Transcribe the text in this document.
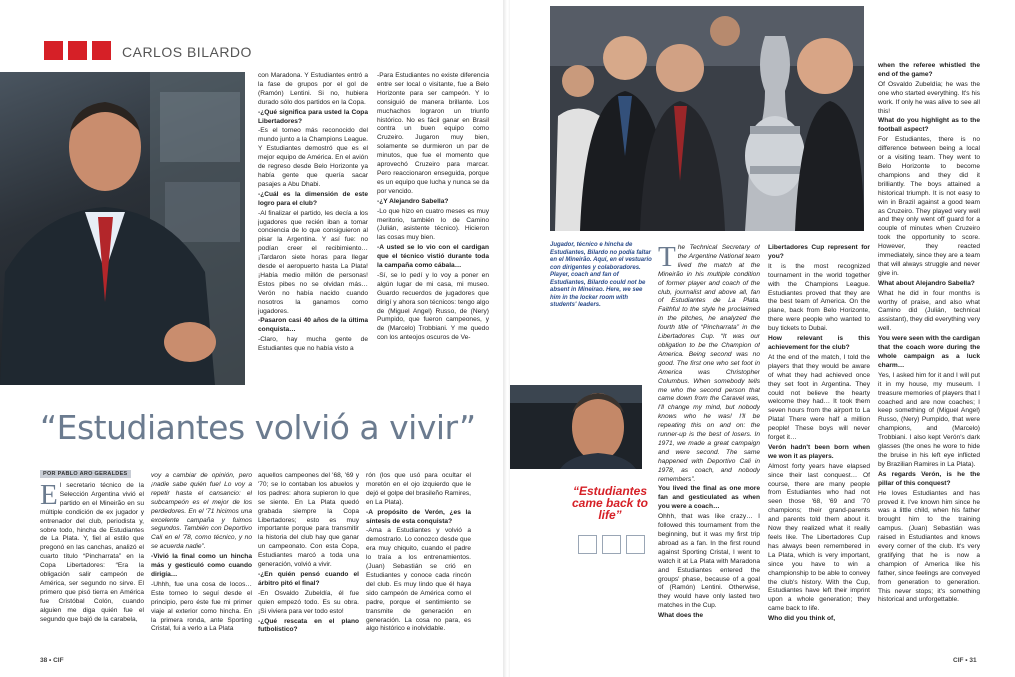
CARLOS BILARDO

con Maradona. Y Estudiantes entró a la fase de grupos por el gol de (Ramón) Lentini. Si no, hubiera durado sólo dos partidos en la Copa.

-¿Qué significa para usted la Copa Libertadores?

-Es el torneo más reconocido del mundo junto a la Champions League. Y Estudiantes demostró que es el mejor equipo de América. En el avión de regreso desde Belo Horizonte ya había gente que quería sacar pasajes a Abu Dhabi.

-¿Cuál es la dimensión de este logro para el club?

-Al finalizar el partido, les decía a los jugadores que recién iban a tomar conciencia de lo que consiguieron al pisar la Argentina. Y así fue: no podían creer el recibimiento… ¡Tardaron siete horas para llegar desde el aeropuerto hasta La Plata! ¡Había medio millón de personas! Estos pibes no se olvidan más… Verón no había nacido cuando nosotros la ganamos como jugadores.

-Pasaron casi 40 años de la última conquista…

-Claro, hay mucha gente de Estudiantes que no había visto a

-Para Estudiantes no existe diferencia entre ser local o visitante, fue a Belo Horizonte para ser campeón. Y lo consiguió de manera brillante. Los muchachos lograron un triunfo histórico. No es fácil ganar en Brasil contra un buen equipo como Cruzeiro. Jugaron muy bien, solamente se durmieron un par de minutos, que fue el momento que aprovechó Cruzeiro para marcar. Pero reaccionaron enseguida, porque es un equipo que lucha y nunca se da por vencido.

-¿Y Alejandro Sabella?

-Lo que hizo en cuatro meses es muy meritorio, también lo de Camino (Julián, asistente técnico). Hicieron las cosas muy bien.

-A usted se lo vio con el cardigan que el técnico vistió durante toda la campaña como cábala…

-Sí, se lo pedí y lo voy a poner en algún lugar de mi casa, mi museo. Guardo recuerdos de jugadores que dirigí y ahora son técnicos: tengo algo de (Miguel Angel) Russo, de (Nery) Pumpido, que fueron campeones, y de (Marcelo) Trobbiani. Y me quedo con los anteojos oscuros de Ve-

“Estudiantes volvió a vivir”
POR PABLO ARO GERALDES

El secretario técnico de la Selección Argentina vivió el partido en el Mineirão en su múltiple condición de ex jugador y entrenador del club, periodista y, sobre todo, hincha de Estudiantes de La Plata. Y, fiel al estilo que pregonó en las canchas, analizó el cuarto título “Pincharrata” en la Copa Libertadores: “Era la obligación salir campeón de América, ser segundo no sirve. El primero que pisó tierra en América fue Cristóbal Colón, cuando alguien me diga quién fue el segundo que bajó de la carabela,

voy a cambiar de opinión, pero ¡nadie sabe quién fue! Lo voy a repetir hasta el cansancio: el subcampeón es el mejor de los perdedores. En el '71 hicimos una excelente campaña y fuimos segundos. También con Deportivo Cali en el '78, como técnico, y no se acuerda nadie”.

-Vivió la final como un hincha más y gesticuló como cuando dirigía…

-Uhhh, fue una cosa de locos… Este torneo lo seguí desde el principio, pero éste fue mi primer viaje al exterior como hincha. En la primera ronda, ante Sporting Cristal, fui a verlo a La Plata

aquellos campeones del '68, '69 y '70; se lo contaban los abuelos y los padres: ahora supieron lo que se siente. En La Plata quedó grabada siempre la Copa Libertadores; esto es muy importante porque para transmitir la historia del club hay que ganar un campeonato. Con esta Copa, Estudiantes marcó a toda una generación, volvió a vivir.

-¿En quién pensó cuando el árbitro pitó el final?

-En Osvaldo Zubeldía, él fue quien empezó todo. Es su obra. ¡Si viviera para ver todo esto!

-¿Qué rescata en el plano futbolístico?

rón (los que usó para ocultar el moretón en el ojo izquierdo que le dejó el golpe del brasileño Ramires, en La Plata).

-A propósito de Verón, ¿es la síntesis de esta conquista?

-Ama a Estudiantes y volvió a demostrarlo. Lo conozco desde que era muy chiquito, cuando el padre lo traía a los entrenamientos. (Juan) Sebastián se crió en Estudiantes y conoce cada rincón del club. Es muy lindo que él haya sido campeón de América como el padre, porque el sentimiento se transmite de generación en generación. La cosa no para, es algo histórico e inolvidable.

38 • CIF
Jugador, técnico e hincha de Estudiantes, Bilardo no podía faltar en el Mineirão. Aquí, en el vestuario con dirigentes y colaboradores. Player, coach and fan of Estudiantes, Bilardo could not be absent in Mineirao. Here, we see him in the locker room with students' leaders.
“Estudiantes came back to life”

The Technical Secretary of the Argentine National team lived the match at the Mineirão in his multiple condition of former player and coach of the club, journalist and above all, fan of Estudiantes de La Plata. Faithful to the style he proclaimed in the pitches, he analyzed the fourth title of “Pincharrata” in the Libertadores Cup. “It was our obligation to be the Champion of America. Being second was no good. The first one who set foot in America was Christopher Columbus. When somebody tells me who the second person that came down from the Caravel was, I'll change my mind, but nobody knows who he was! I'll be repeating this on and on: the runner-up is the best of losers. In 1971, we made a great campaign and were second. The same happened with Deportivo Cali in 1978, as coach, and nobody remembers”.

You lived the final as one more fan and gesticulated as when you were a coach…

Ohhh, that was like crazy… I followed this tournament from the beginning, but it was my first trip abroad as a fan. In the first round against Sporting Cristal, I went to watch it at La Plata with Maradona and Estudiantes entered the groups' phase, because of a goal of (Ramón) Lentini. Otherwise, they would have only lasted two matches in the Cup.

What does the

Libertadores Cup represent for you?

It is the most recognized tournament in the world together with the Champions League. Estudiantes proved that they are the best team of America. On the plane, back from Belo Horizonte, there were people who wanted to buy tickets to Dubai.

How relevant is this achievement for the club?

At the end of the match, I told the players that they would be aware of what they had achieved once they set foot in Argentina. They could not believe the hearty welcome they had… It took them seven hours from the airport to La Plata! There were half a million people! These boys will never forget it…

Verón hadn't been born when we won it as players.

Almost forty years have elapsed since their last conquest… Of course, there are many people from Estudiantes who had not seen those '68, '69 and '70 champions; their grand-parents and parents told them about it. Now they realized what it really feels like. The Libertadores Cup has always been remembered in La Plata, which is very important, since you have to win a championship to be able to convey the club's history. With the Cup, Estudiantes have left their imprint upon a whole generation; they came back to life.

Who did you think of,

when the referee whistled the end of the game?

Of Osvaldo Zubeldía; he was the one who started everything. It's his work. If only he was alive to see all this!

What do you highlight as to the football aspect?

For Estudiantes, there is no difference between being a local or a visiting team. They went to Belo Horizonte to become champions and they did it brilliantly. The boys attained a historical triumph. It is not easy to win in Brazil against a good team as Cruzeiro. They played very well and they only went off guard for a couple of minutes when Cruzeiro took the opportunity to score. However, they reacted immediately, since they are a team that will always struggle and never give in.

What about Alejandro Sabella?

What he did in four months is worthy of praise, and also what Camino did (Julián, technical assistant), they did everything very well.

You were seen with the cardigan that the coach wore during the whole campaign as a luck charm…

Yes, I asked him for it and I will put it in my house, my museum. I treasure memories of players that I coached and are now coaches; I keep something of (Miguel Angel) Russo, (Nery) Pumpido, that were champions, and (Marcelo) Trobbiani. I also kept Verón's dark glasses (the ones he wore to hide the bruise in his left eye inflicted by Brazilian Ramires in La Plata).

As regards Verón, is he the pillar of this conquest?

He loves Estudiantes and has proved it. I've known him since he was a little child, when his father brought him to the training campus. (Juan) Sebastián was raised in Estudiantes and knows every corner of the club. It's very gratifying that he is now a champion of America like his father, since feelings are conveyed from generation to generation. This never stops; it's something historical and unforgettable.

CIF • 31
